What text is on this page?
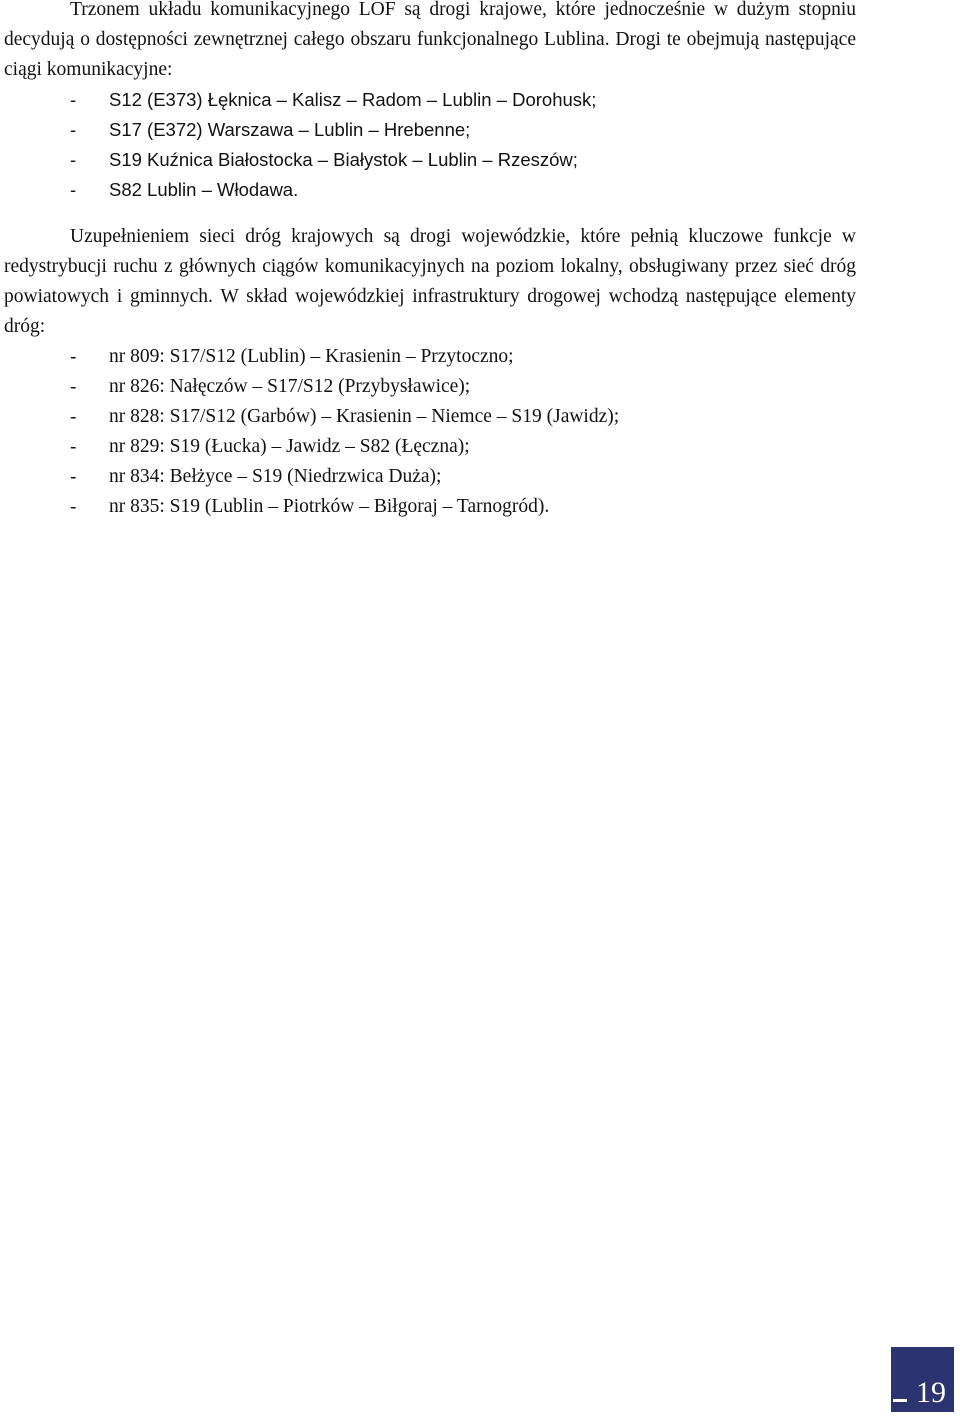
Trzonem układu komunikacyjnego LOF są drogi krajowe, które jednocześnie w dużym stopniu decydują o dostępności zewnętrznej całego obszaru funkcjonalnego Lublina. Drogi te obejmują następujące ciągi komunikacyjne:

-	S12 (E373) Łęknica – Kalisz – Radom – Lublin – Dorohusk;
-	S17 (E372) Warszawa – Lublin – Hrebenne;
-	S19 Kuźnica Białostocka – Białystok – Lublin – Rzeszów;
-	S82 Lublin – Włodawa.

Uzupełnieniem sieci dróg krajowych są drogi wojewódzkie, które pełnią kluczowe funkcje w redystrybucji ruchu z głównych ciągów komunikacyjnych na poziom lokalny, obsługiwany przez sieć dróg powiatowych i gminnych. W skład wojewódzkiej infrastruktury drogowej wchodzą następujące elementy dróg:

-	nr 809: S17/S12 (Lublin) – Krasienin – Przytoczno;
-	nr 826: Nałęczów – S17/S12 (Przybysławice);
-	nr 828: S17/S12 (Garbów) – Krasienin – Niemce – S19 (Jawidz);
-	nr 829: S19 (Łucka) – Jawidz – S82 (Łęczna);
-	nr 834: Bełżyce – S19 (Niedrzwica Duża);
-	nr 835: S19 (Lublin – Piotrków – Biłgoraj – Tarnogród).
19
